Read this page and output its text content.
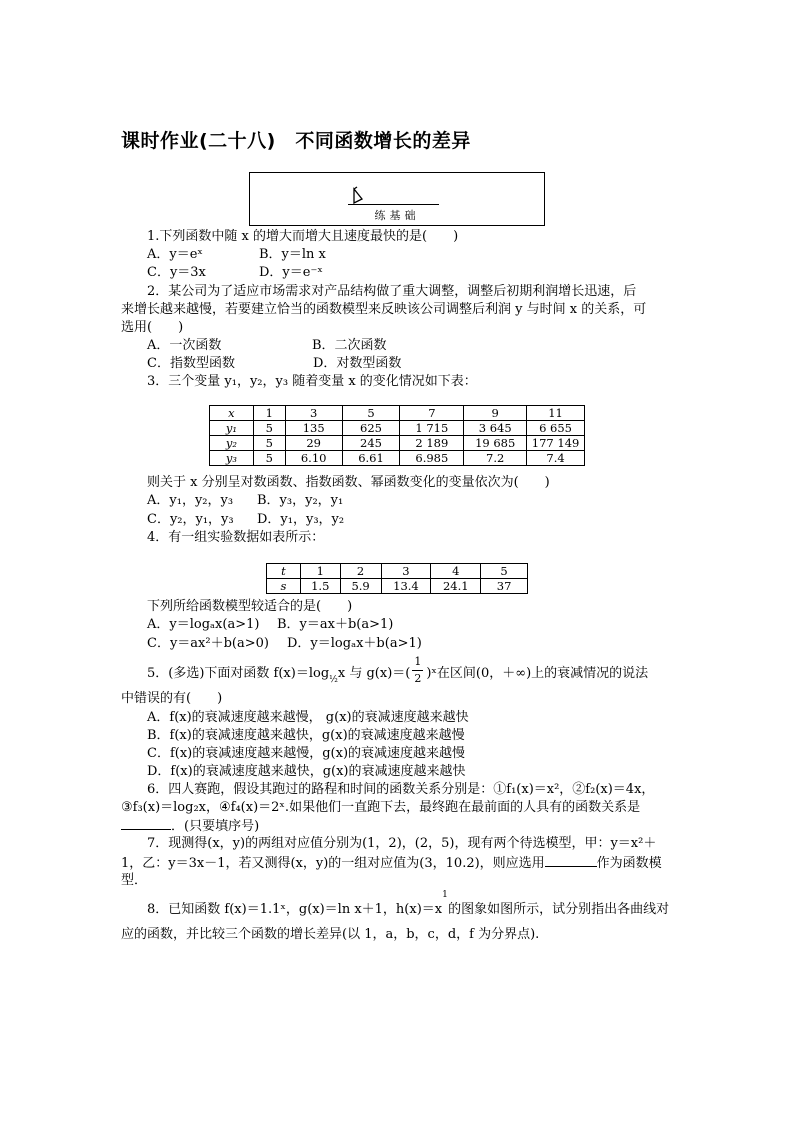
课时作业(二十八)　不同函数增长的差异
练基础
1.下列函数中随 x 的增大而增大且速度最快的是(　　)
A．y＝eˣ	B．y＝ln x
C．y＝3x	D．y＝e⁻ˣ
2．某公司为了适应市场需求对产品结构做了重大调整，调整后初期利润增长迅速，后
来增长越来越慢，若要建立恰当的函数模型来反映该公司调整后利润 y 与时间 x 的关系，可
选用(　　)
A．一次函数	B．二次函数
C．指数型函数	D．对数型函数
3．三个变量 y₁，y₂，y₃ 随着变量 x 的变化情况如下表：
x	1	3	5	7	9	11
y₁	5	135	625	1 715	3 645	6 655
y₂	5	29	245	2 189	19 685	177 149
y₃	5	6.10	6.61	6.985	7.2	7.4
则关于 x 分别呈对数函数、指数函数、幂函数变化的变量依次为(　　)
A．y₁，y₂，y₃ B．y₃，y₂，y₁
C．y₂，y₁，y₃ D．y₁，y₃，y₂
4．有一组实验数据如表所示：
t	1	2	3	4	5
s	1.5	5.9	13.4	24.1	37
下列所给函数模型较适合的是(　　)
A．y＝logₐx(a>1) B．y＝ax＋b(a>1)
C．y＝ax²＋b(a>0) D．y＝logₐx＋b(a>1)
5．(多选)下面对函数 $f(x)=\log_{\frac{1}{2}}x$ 与 $g(x)=( \frac{1}{2}$ )ˣ在区间(0，＋∞)上的衰减情况的说法
中错误的有(　　)
A．f(x)的衰减速度越来越慢， g(x)的衰减速度越来越快
B．f(x)的衰减速度越来越快，g(x)的衰减速度越来越慢
C．f(x)的衰减速度越来越慢，g(x)的衰减速度越来越慢
D．f(x)的衰减速度越来越快，g(x)的衰减速度越来越快
6．四人赛跑，假设其跑过的路程和时间的函数关系分别是：①f₁(x)＝x²，②f₂(x)＝4x，
③f₃(x)＝log₂x，④f₄(x)＝2ˣ.如果他们一直跑下去，最终跑在最前面的人具有的函数关系是
．(只要填序号)
7．现测得(x，y)的两组对应值分别为(1，2)，(2，5)，现有两个待选模型，甲：y＝x²＋
1，乙：y＝3x－1，若又测得(x，y)的一组对应值为(3，10.2)，则应选用	作为函数模
型．
8．已知函数 f(x)＝1.1ˣ，g(x)＝ln x＋1，h(x)＝x
1
的图象如图所示，试分别指出各曲线对
应的函数，并比较三个函数的增长差异(以 1，a，b，c，d，f 为分界点).
